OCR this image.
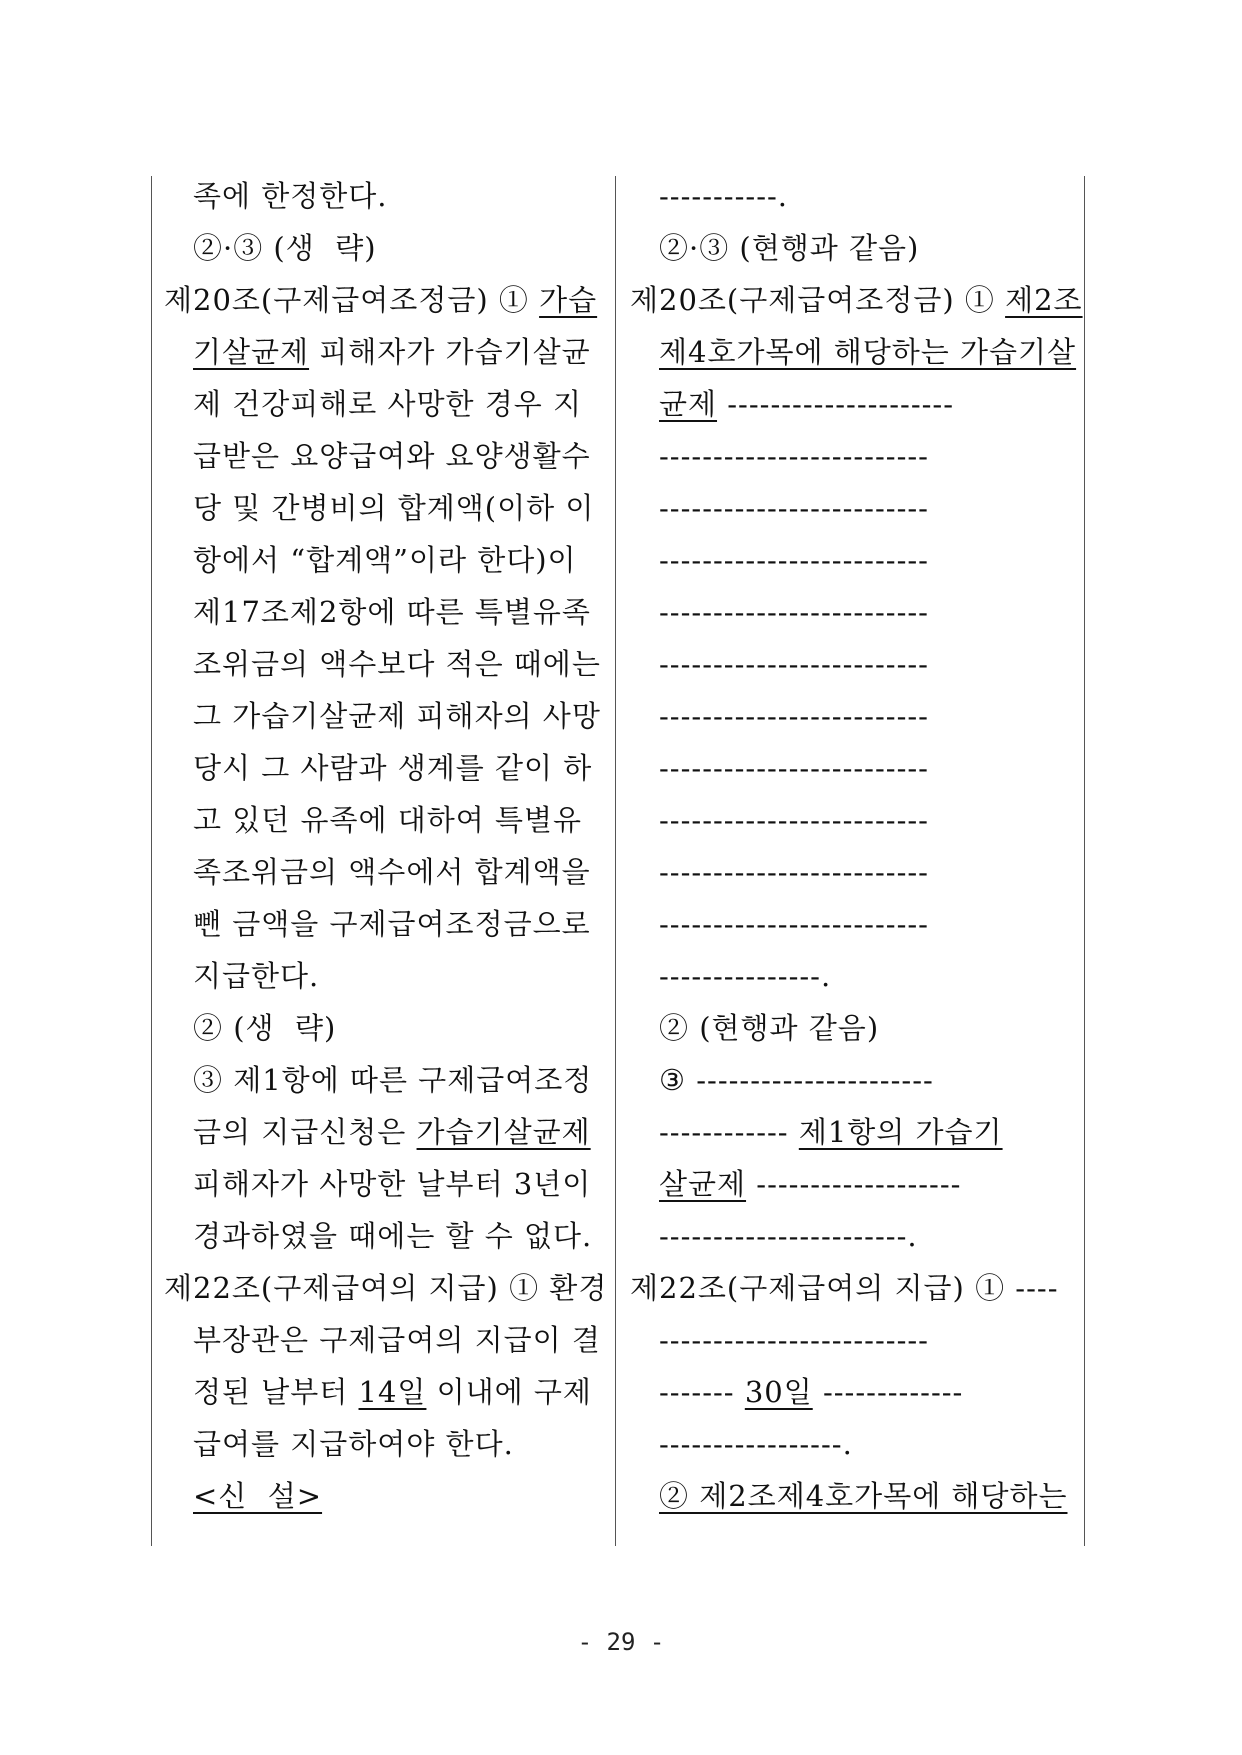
족에 한정한다.
②·③ (생  략)
제20조(구제급여조정금) ① 가습
기살균제 피해자가 가습기살균
제 건강피해로 사망한 경우 지
급받은 요양급여와 요양생활수
당 및 간병비의 합계액(이하 이
항에서 “합계액”이라 한다)이
제17조제2항에 따른 특별유족
조위금의 액수보다 적은 때에는
그 가습기살균제 피해자의 사망
당시 그 사람과 생계를 같이 하
고 있던 유족에 대하여 특별유
족조위금의 액수에서 합계액을
뺀 금액을 구제급여조정금으로
지급한다.
② (생  략)
③ 제1항에 따른 구제급여조정
금의 지급신청은 가습기살균제
피해자가 사망한 날부터 3년이
경과하였을 때에는 할 수 없다.
제22조(구제급여의 지급) ① 환경
부장관은 구제급여의 지급이 결
정된 날부터 14일 이내에 구제
급여를 지급하여야 한다.
<신  설>
-----------.
②·③ (현행과 같음)
제20조(구제급여조정금) ① 제2조
제4호가목에 해당하는 가습기살
균제 ---------------------
-------------------------
-------------------------
-------------------------
-------------------------
-------------------------
-------------------------
-------------------------
-------------------------
-------------------------
-------------------------
---------------.
② (현행과 같음)
③ ----------------------
------------ 제1항의 가습기
살균제 -------------------
-----------------------.
제22조(구제급여의 지급) ① ----
-------------------------
------- 30일 -------------
-----------------.
② 제2조제4호가목에 해당하는
- 29 -
